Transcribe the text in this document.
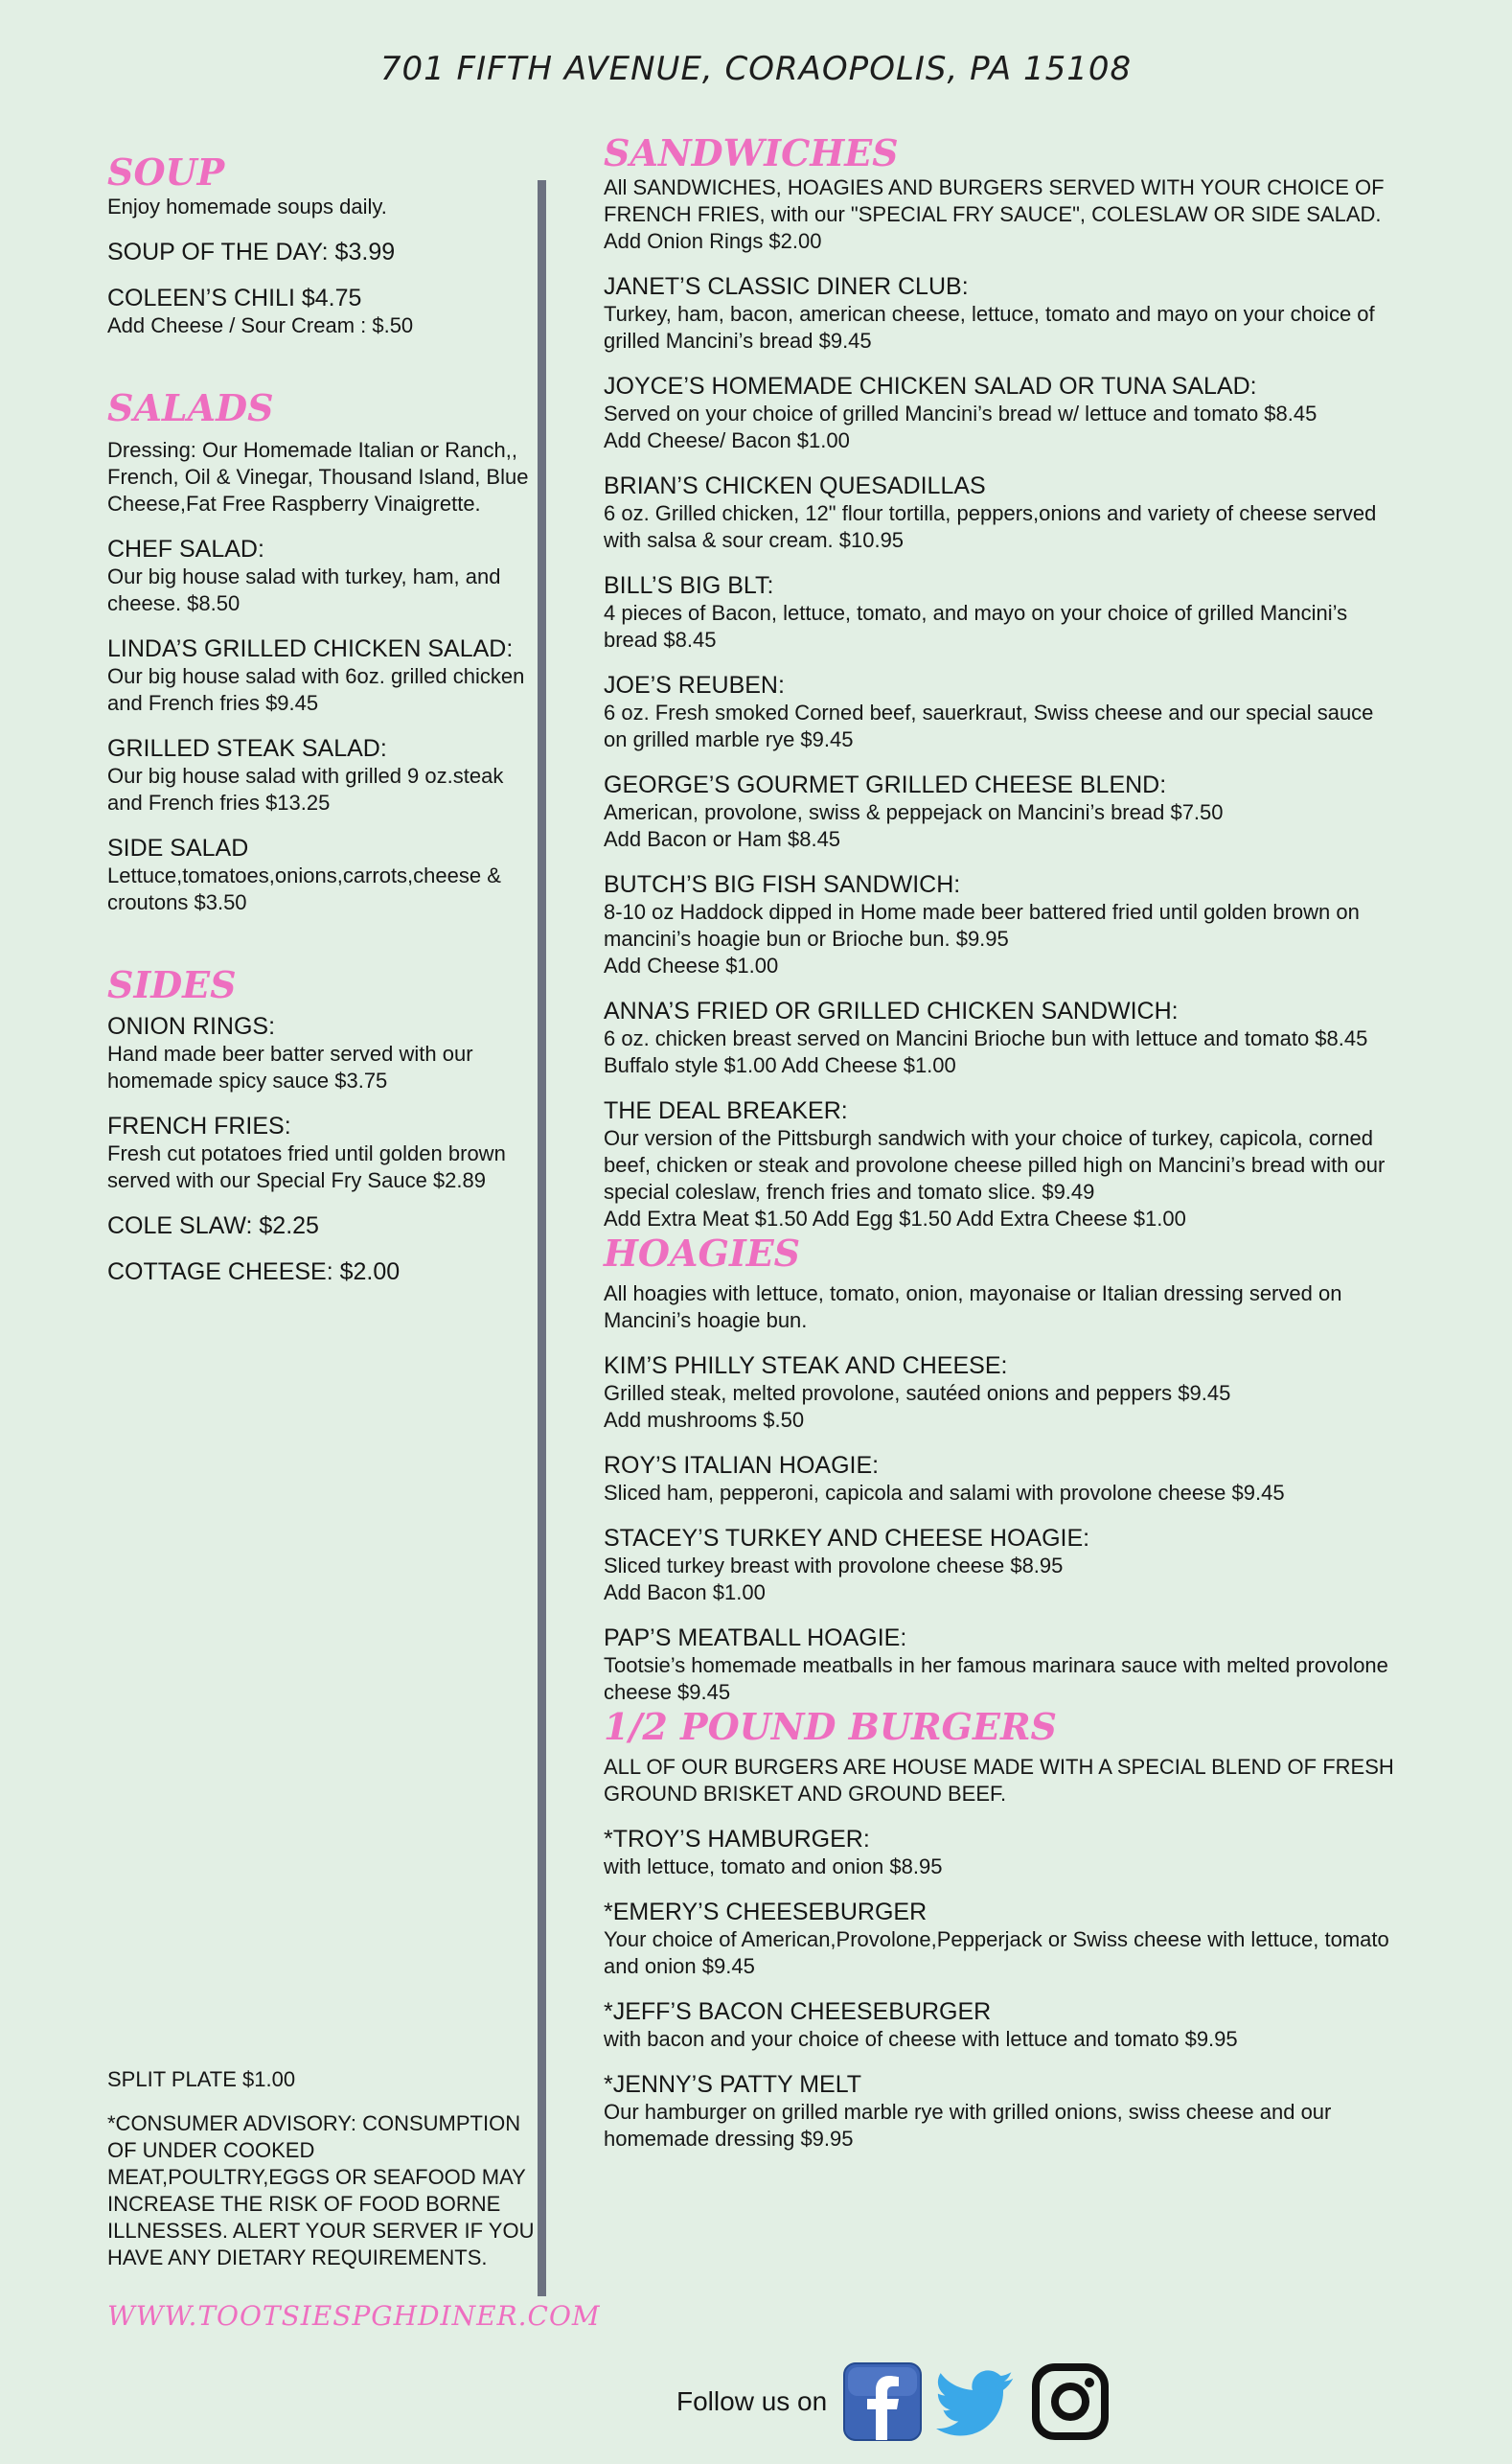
701 FIFTH AVENUE, CORAOPOLIS, PA 15108
SOUP

Enjoy homemade soups daily.

SOUP OF THE DAY: $3.99
COLEEN’S CHILI $4.75

Add Cheese / Sour Cream : $.50

SALADS

Dressing: Our Homemade Italian or Ranch,, French, Oil & Vinegar, Thousand Island, Blue Cheese,Fat Free Raspberry Vinaigrette.

CHEF SALAD:

Our big house salad with turkey, ham, and cheese. $8.50

LINDA’S GRILLED CHICKEN SALAD:

Our big house salad with 6oz. grilled chicken and French fries $9.45

GRILLED STEAK SALAD:

Our big house salad with grilled 9 oz.steak and French fries $13.25

SIDE SALAD

Lettuce,tomatoes,onions,carrots,cheese & croutons $3.50

SIDES
ONION RINGS:

Hand made beer batter served with our homemade spicy sauce $3.75

FRENCH FRIES:

Fresh cut potatoes fried until golden brown served with our Special Fry Sauce $2.89

COLE SLAW: $2.25
COTTAGE CHEESE: $2.00

SPLIT PLATE $1.00

*CONSUMER ADVISORY: CONSUMPTION OF UNDER COOKED MEAT,POULTRY,EGGS OR SEAFOOD MAY INCREASE THE RISK OF FOOD BORNE ILLNESSES. ALERT YOUR SERVER IF YOU HAVE ANY DIETARY REQUIREMENTS.

WWW.TOOTSIESPGHDINER.COM
SANDWICHES

All SANDWICHES, HOAGIES AND BURGERS SERVED WITH YOUR CHOICE OF FRENCH FRIES, with our "SPECIAL FRY SAUCE", COLESLAW OR SIDE SALAD.

Add Onion Rings $2.00

JANET’S CLASSIC DINER CLUB:

Turkey, ham, bacon, american cheese, lettuce, tomato and mayo on your choice of grilled Mancini’s bread $9.45

JOYCE’S HOMEMADE CHICKEN SALAD OR TUNA SALAD:

Served on your choice of grilled Mancini’s bread w/ lettuce and tomato $8.45

Add Cheese/ Bacon $1.00

BRIAN’S CHICKEN QUESADILLAS

6 oz. Grilled chicken, 12" flour tortilla, peppers,onions and variety of cheese served with salsa & sour cream. $10.95

BILL’S BIG BLT:

4 pieces of Bacon, lettuce, tomato, and mayo on your choice of grilled Mancini’s bread $8.45

JOE’S REUBEN:

6 oz. Fresh smoked Corned beef, sauerkraut, Swiss cheese and our special sauce on grilled marble rye $9.45

GEORGE’S GOURMET GRILLED CHEESE BLEND:

American, provolone, swiss & peppejack on Mancini’s bread $7.50

Add Bacon or Ham $8.45

BUTCH’S BIG FISH SANDWICH:

8-10 oz Haddock dipped in Home made beer battered fried until golden brown on mancini’s hoagie bun or Brioche bun. $9.95

Add Cheese $1.00

ANNA’S FRIED OR GRILLED CHICKEN SANDWICH:

6 oz. chicken breast served on Mancini Brioche bun with lettuce and tomato $8.45

Buffalo style $1.00 Add Cheese $1.00

THE DEAL BREAKER:

Our version of the Pittsburgh sandwich with your choice of turkey, capicola, corned beef, chicken or steak and provolone cheese pilled high on Mancini’s bread with our special coleslaw, french fries and tomato slice. $9.49

Add Extra Meat $1.50 Add Egg $1.50 Add Extra Cheese $1.00

HOAGIES

All hoagies with lettuce, tomato, onion, mayonaise or Italian dressing served on Mancini’s hoagie bun.

KIM’S PHILLY STEAK AND CHEESE:

Grilled steak, melted provolone, sautéed onions and peppers $9.45

Add mushrooms $.50

ROY’S ITALIAN HOAGIE:

Sliced ham, pepperoni, capicola and salami with provolone cheese $9.45

STACEY’S TURKEY AND CHEESE HOAGIE:

Sliced turkey breast with provolone cheese $8.95

Add Bacon $1.00

PAP’S MEATBALL HOAGIE:

Tootsie’s homemade meatballs in her famous marinara sauce with melted provolone cheese $9.45

1/2 POUND BURGERS

ALL OF OUR BURGERS ARE HOUSE MADE WITH A SPECIAL BLEND OF FRESH GROUND BRISKET AND GROUND BEEF.

*TROY’S HAMBURGER:

with lettuce, tomato and onion $8.95

*EMERY’S CHEESEBURGER

Your choice of American,Provolone,Pepperjack or Swiss cheese with lettuce, tomato and onion $9.45

*JEFF’S BACON CHEESEBURGER

with bacon and your choice of cheese with lettuce and tomato $9.95

*JENNY’S PATTY MELT

Our hamburger on grilled marble rye with grilled onions, swiss cheese and our homemade dressing $9.95

Follow us on
